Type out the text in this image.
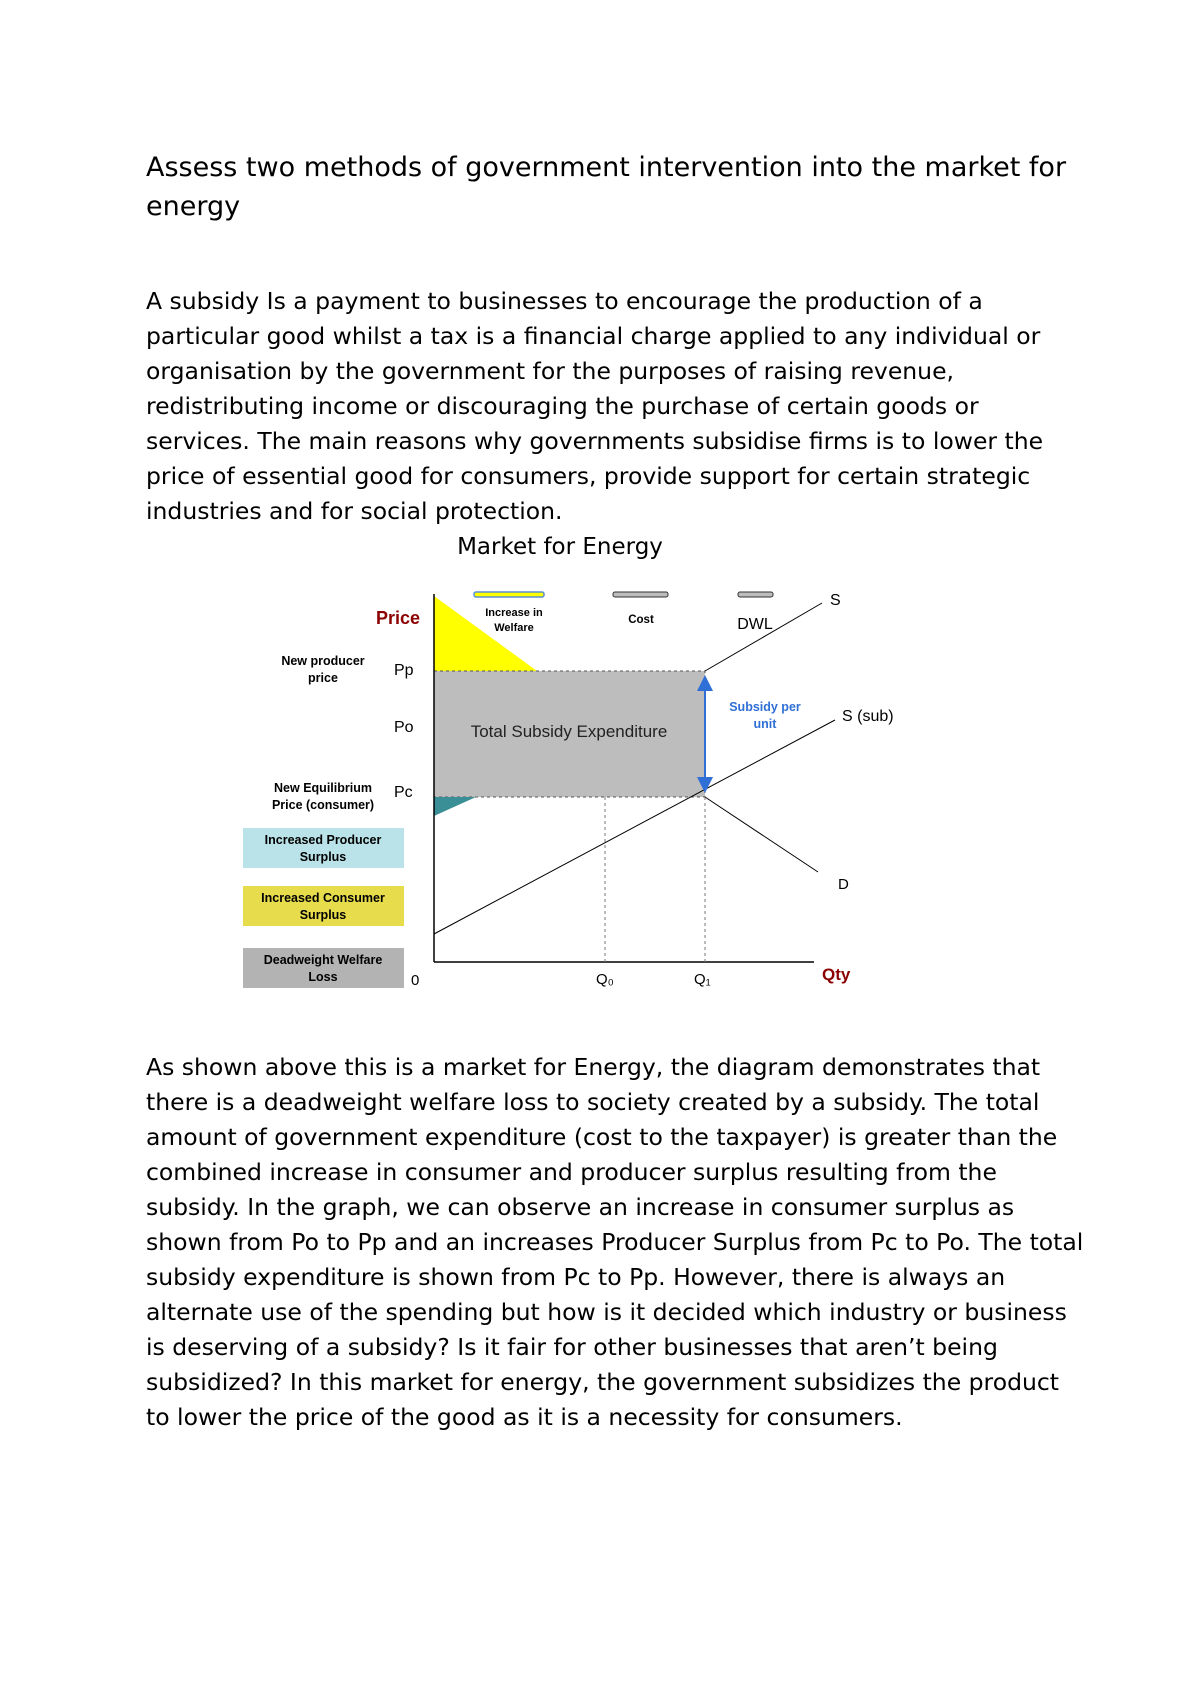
Assess two methods of government intervention into the market for energy

A subsidy Is a payment to businesses to encourage the production of a particular good whilst a tax is a financial charge applied to any individual or organisation by the government for the purposes of raising revenue, redistributing income or discouraging the purchase of certain goods or services. The main reasons why governments subsidise firms is to lower the price of essential good for consumers, provide support for certain strategic industries and for social protection.

Market for Energy
Price
Qty
0
Pp
Po
Pc
Q₀	Q₁
New producer
price
New Equilibrium
Price (consumer)
S
S (sub)
D
Increase in
Welfare
Cost	DWL
Total Subsidy Expenditure
Subsidy per
unit
Increased Producer
Surplus
Increased Consumer
Surplus
Deadweight Welfare
Loss

As shown above this is a market for Energy, the diagram demonstrates that there is a deadweight welfare loss to society created by a subsidy. The total amount of government expenditure (cost to the taxpayer) is greater than the combined increase in consumer and producer surplus resulting from the subsidy. In the graph, we can observe an increase in consumer surplus as shown from Po to Pp and an increases Producer Surplus from Pc to Po. The total subsidy expenditure is shown from Pc to Pp. However, there is always an alternate use of the spending but how is it decided which industry or business is deserving of a subsidy? Is it fair for other businesses that aren’t being subsidized? In this market for energy, the government subsidizes the product to lower the price of the good as it is a necessity for consumers.
